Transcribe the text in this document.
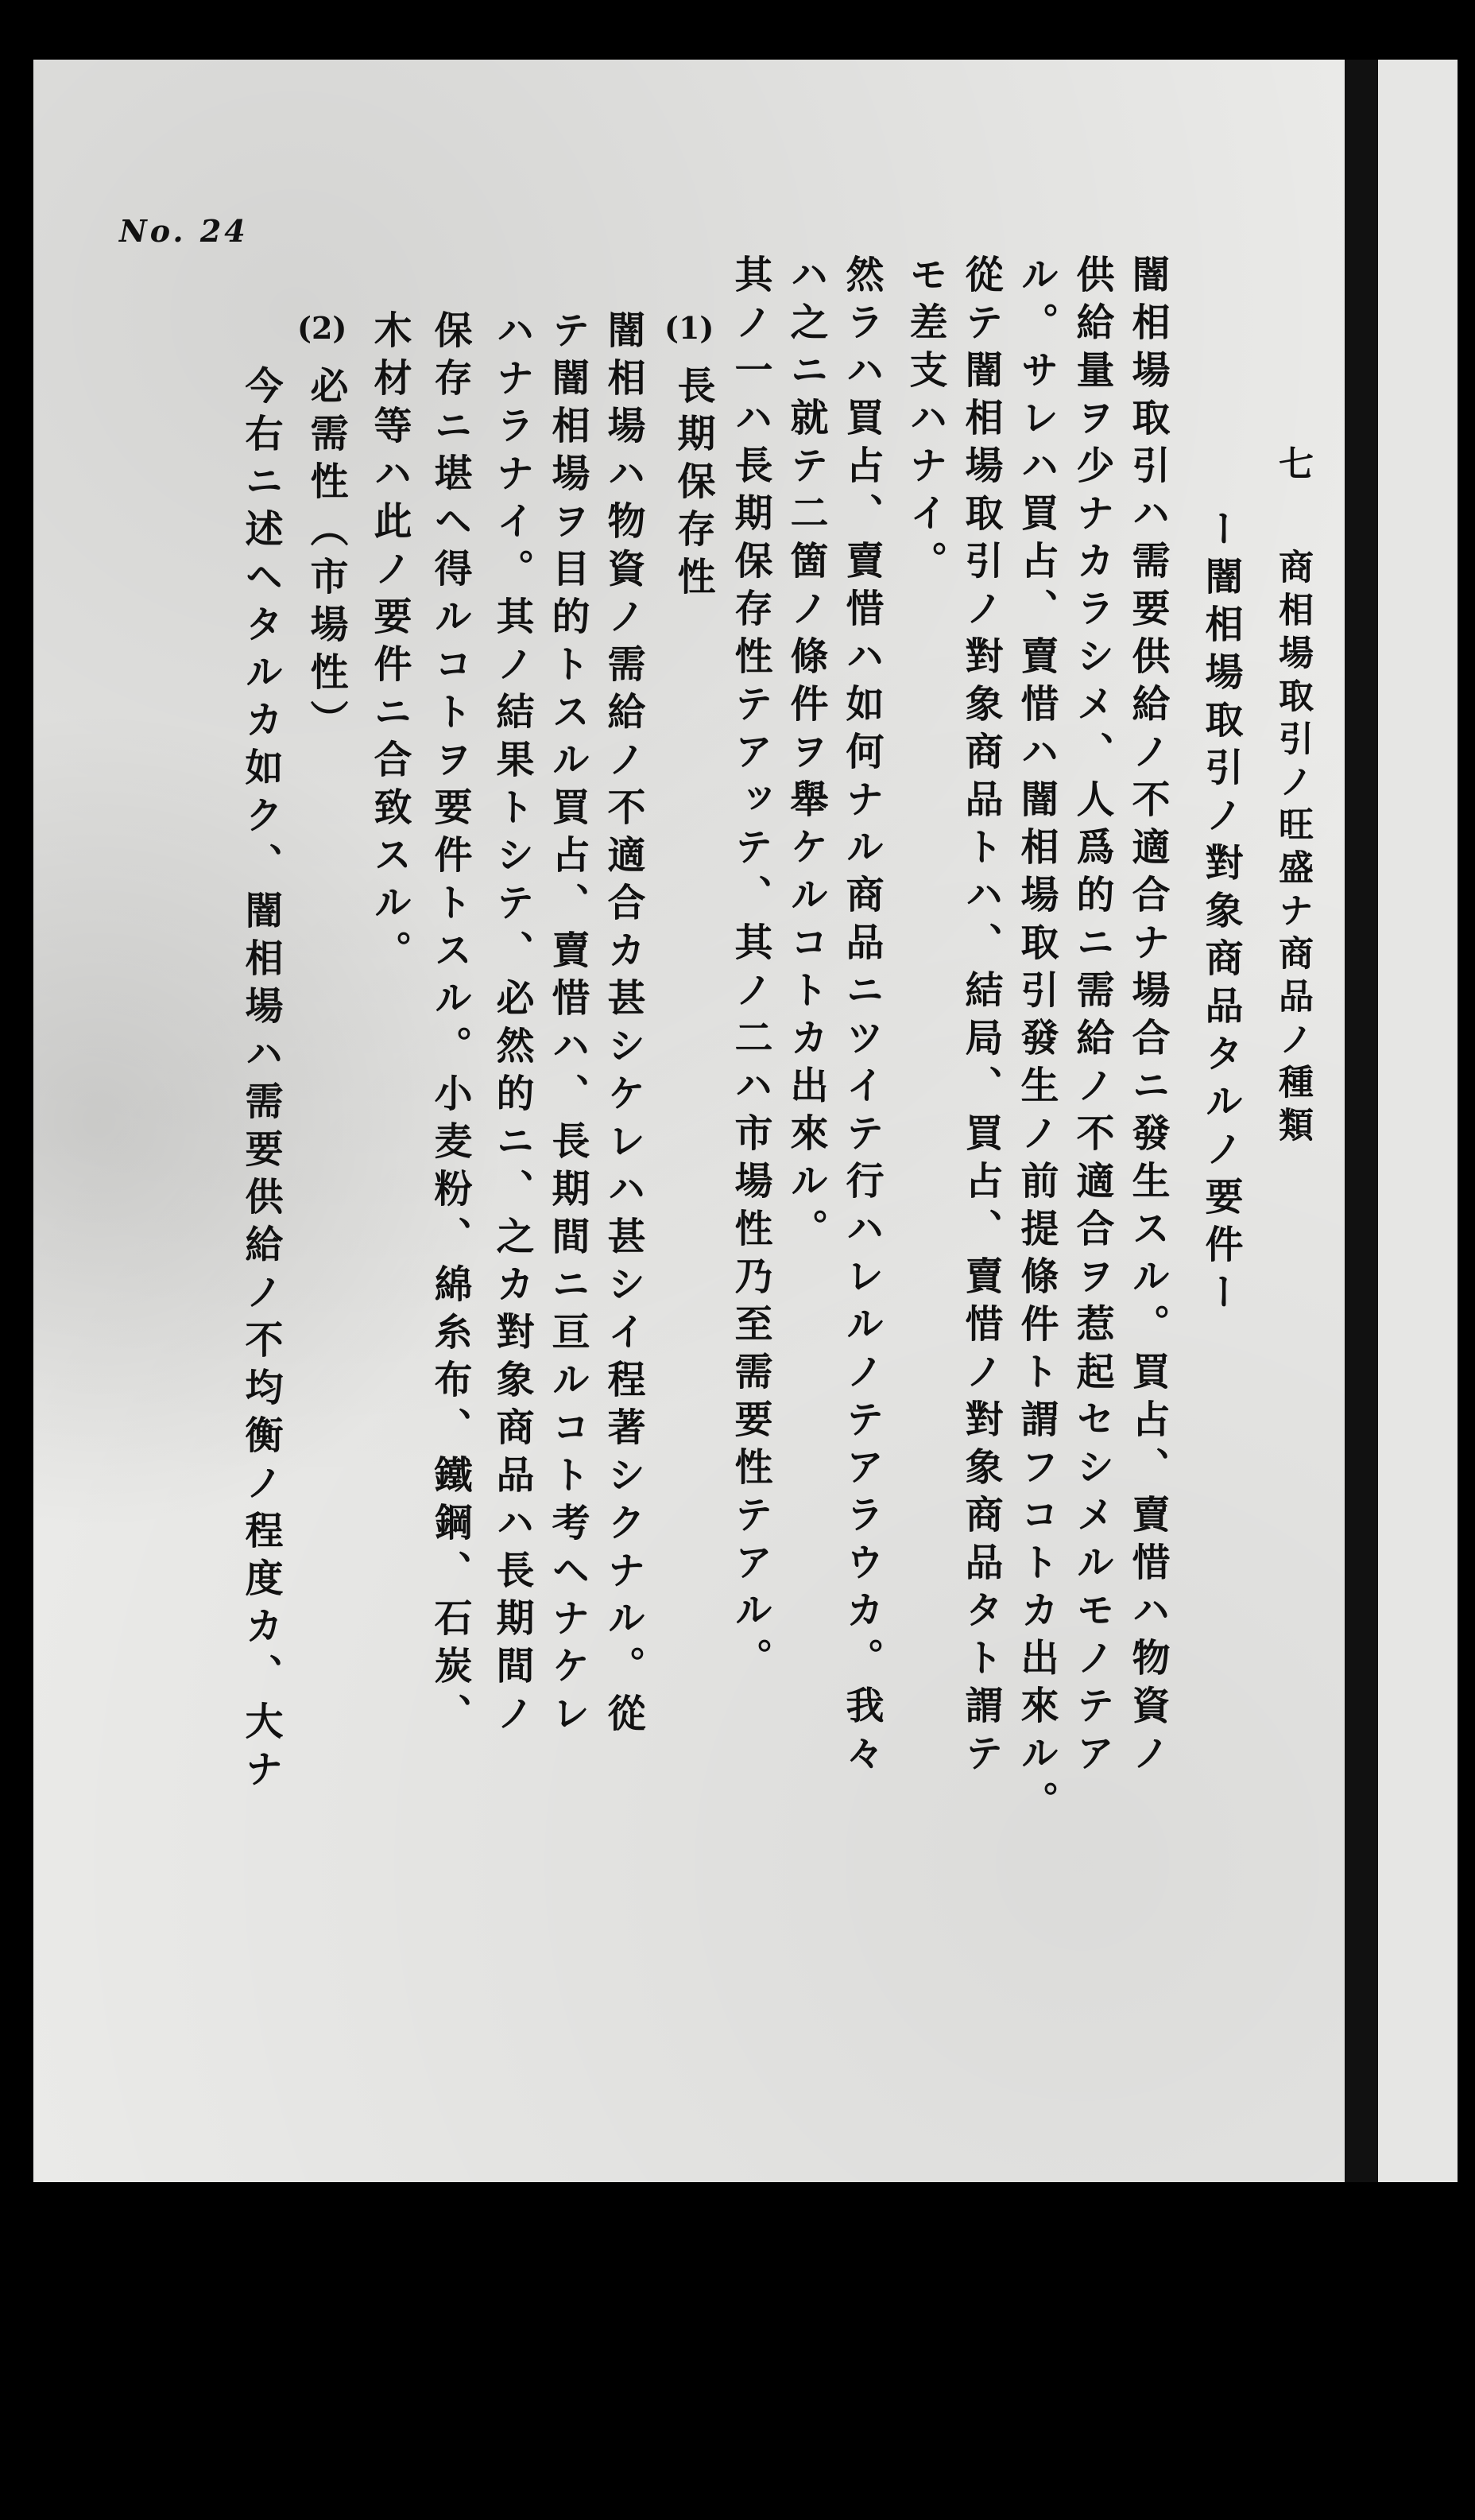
No. 24
七
商相場取引ノ旺盛ナ商品ノ種類
ー闇相場取引ノ對象商品タルノ要件ー
闇相場取引ハ需要供給ノ不適合ナ場合ニ發生スル。買占、賣惜ハ物資ノ
供給量ヲ少ナカラシメ、人爲的ニ需給ノ不適合ヲ惹起セシメルモノテア
ル。サレハ買占、賣惜ハ闇相場取引發生ノ前提條件ト謂フコトカ出來ル。
從テ闇相場取引ノ對象商品トハ、結局、買占、賣惜ノ對象商品タト謂テ
モ差支ハナイ。
然ラハ買占、賣惜ハ如何ナル商品ニツイテ行ハレルノテアラウカ。我々
ハ之ニ就テ二箇ノ條件ヲ舉ケルコトカ出來ル。
其ノ一ハ長期保存性テアッテ、其ノ二ハ市場性乃至需要性テアル。
(1)
長期保存性
闇相場ハ物資ノ需給ノ不適合カ甚シケレハ甚シイ程著シクナル。從
テ闇相場ヲ目的トスル買占、賣惜ハ、長期間ニ亘ルコト考ヘナケレ
ハナラナイ。其ノ結果トシテ、必然的ニ、之カ對象商品ハ長期間ノ
保存ニ堪ヘ得ルコトヲ要件トスル。小麦粉、綿糸布、鐵鋼、石炭、
木材等ハ此ノ要件ニ合致スル。
(2)
必需性（市場性）
今右ニ述ヘタルカ如ク、闇相場ハ需要供給ノ不均衡ノ程度カ、大ナ
